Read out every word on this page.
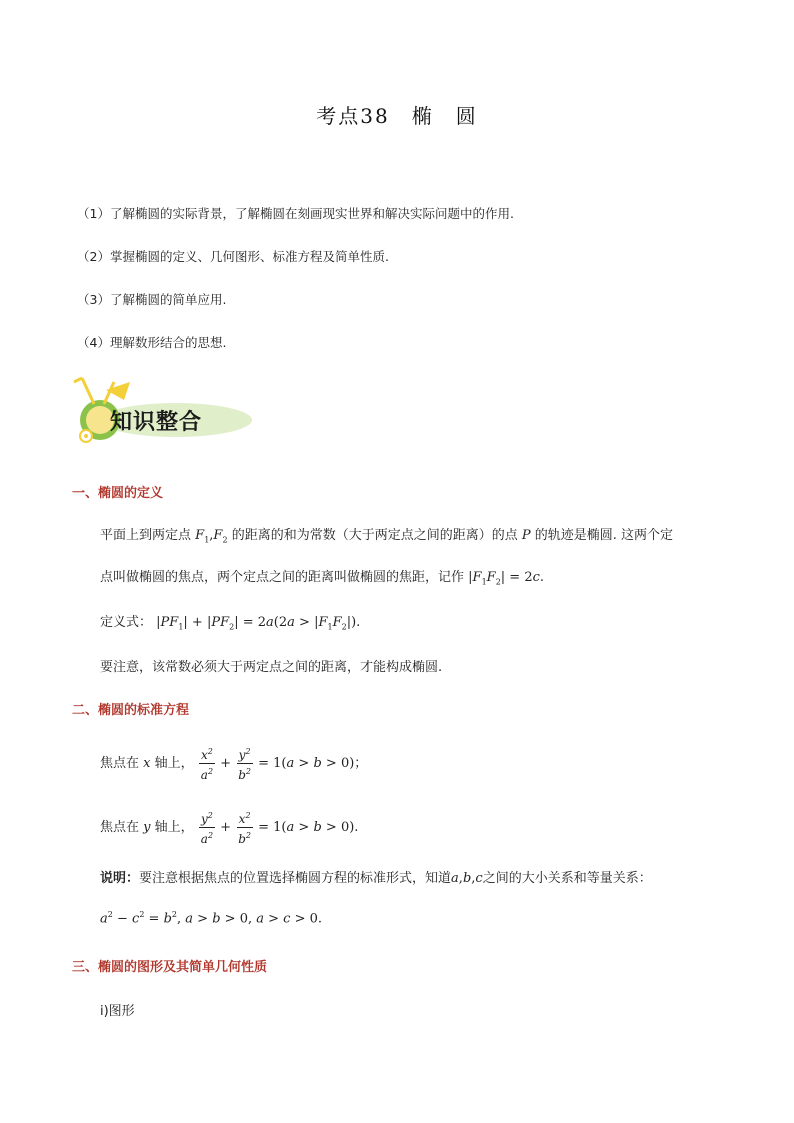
考点38　椭　圆
（1）了解椭圆的实际背景，了解椭圆在刻画现实世界和解决实际问题中的作用.
（2）掌握椭圆的定义、几何图形、标准方程及简单性质.
（3）了解椭圆的简单应用.
（4）理解数形结合的思想.
知识整合
一、椭圆的定义
平面上到两定点 $F_1,F_2$ 的距离的和为常数（大于两定点之间的距离）的点 P 的轨迹是椭圆. 这两个定
点叫做椭圆的焦点，两个定点之间的距离叫做椭圆的焦距，记作 $|F_1F_2| = 2c$.
定义式： $|PF_1| + |PF_2| = 2a(2a > |F_1F_2|)$.
要注意，该常数必须大于两定点之间的距离，才能构成椭圆.
二、椭圆的标准方程
焦点在 x 轴上， $\frac{x^2}{a^2} + \frac{y^2}{b^2} = 1(a > b > 0)$；
焦点在 y 轴上， $\frac{y^2}{a^2} + \frac{x^2}{b^2} = 1(a > b > 0)$.
说明：要注意根据焦点的位置选择椭圆方程的标准形式，知道a,b,c之间的大小关系和等量关系：
$a^2 - c^2 = b^2$, a > b > 0, a > c > 0.
三、椭圆的图形及其简单几何性质
i)图形
